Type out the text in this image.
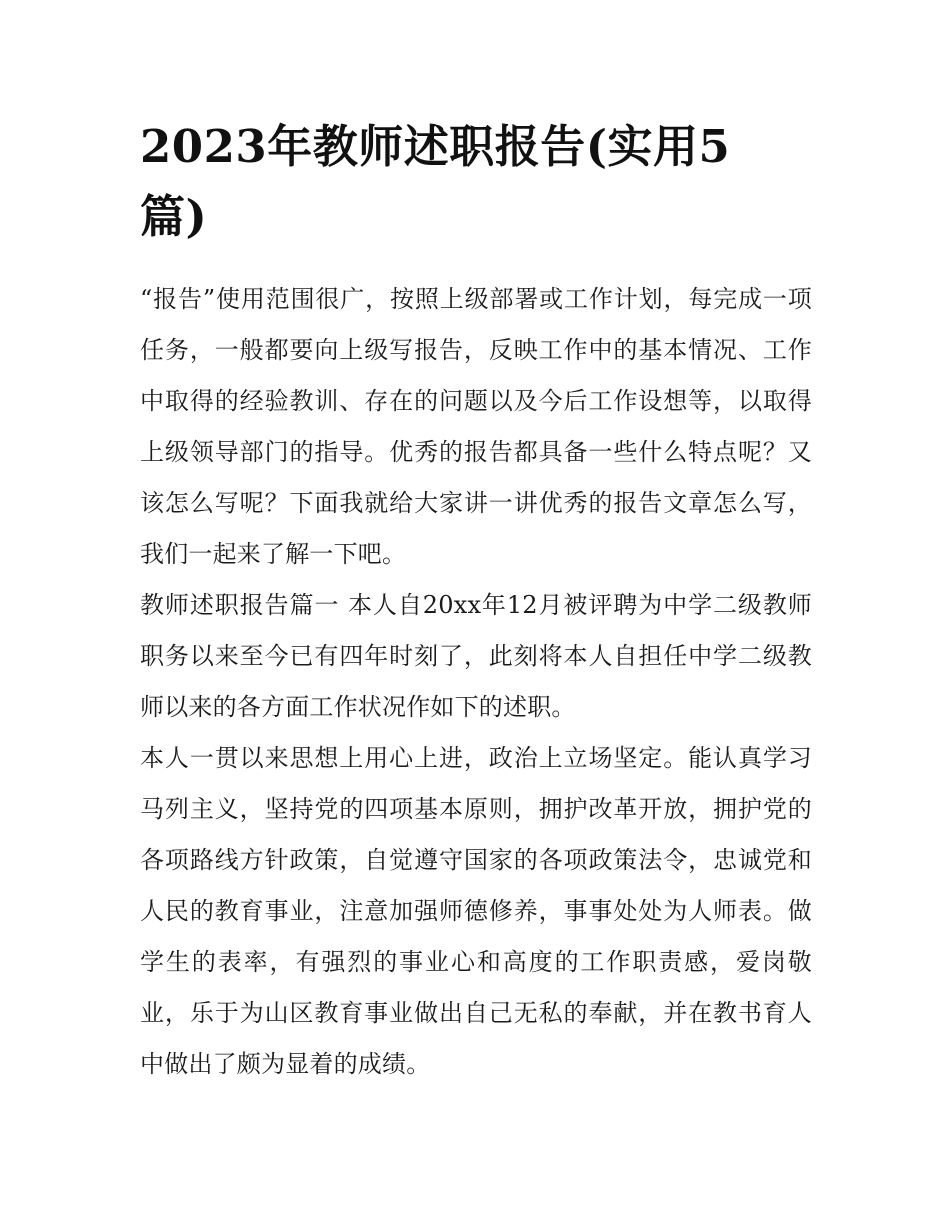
2023年教师述职报告(实用5篇)

“报告”使用范围很广，按照上级部署或工作计划，每完成一项任务，一般都要向上级写报告，反映工作中的基本情况、工作中取得的经验教训、存在的问题以及今后工作设想等，以取得上级领导部门的指导。优秀的报告都具备一些什么特点呢？又该怎么写呢？下面我就给大家讲一讲优秀的报告文章怎么写，我们一起来了解一下吧。

教师述职报告篇一 本人自20xx年12月被评聘为中学二级教师职务以来至今已有四年时刻了，此刻将本人自担任中学二级教师以来的各方面工作状况作如下的述职。

本人一贯以来思想上用心上进，政治上立场坚定。能认真学习马列主义，坚持党的四项基本原则，拥护改革开放，拥护党的各项路线方针政策，自觉遵守国家的各项政策法令，忠诚党和人民的教育事业，注意加强师德修养，事事处处为人师表。做学生的表率，有强烈的事业心和高度的工作职责感，爱岗敬业，乐于为山区教育事业做出自己无私的奉献，并在教书育人中做出了颇为显着的成绩。
